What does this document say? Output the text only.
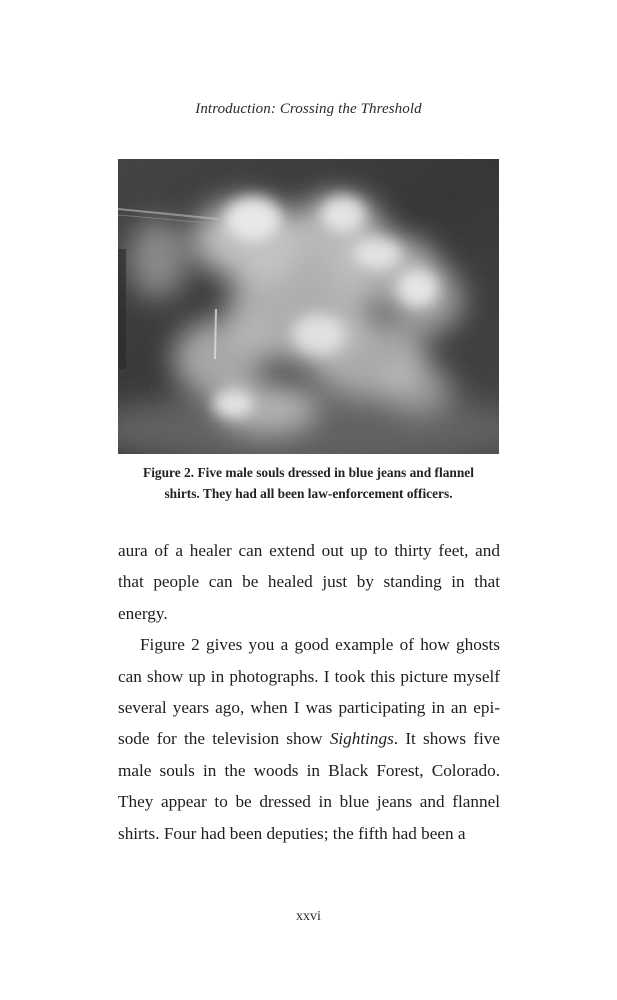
Introduction: Crossing the Threshold
Figure 2. Five male souls dressed in blue jeans and flannel
shirts. They had all been law-enforcement officers.

aura of a healer can extend out up to thirty feet, and that people can be healed just by standing in that energy.

Figure 2 gives you a good example of how ghosts can show up in photographs. I took this picture myself several years ago, when I was participating in an epi-sode for the television show Sightings. It shows five male souls in the woods in Black Forest, Colorado. They appear to be dressed in blue jeans and flannel shirts. Four had been deputies; the fifth had been a

xxvi
